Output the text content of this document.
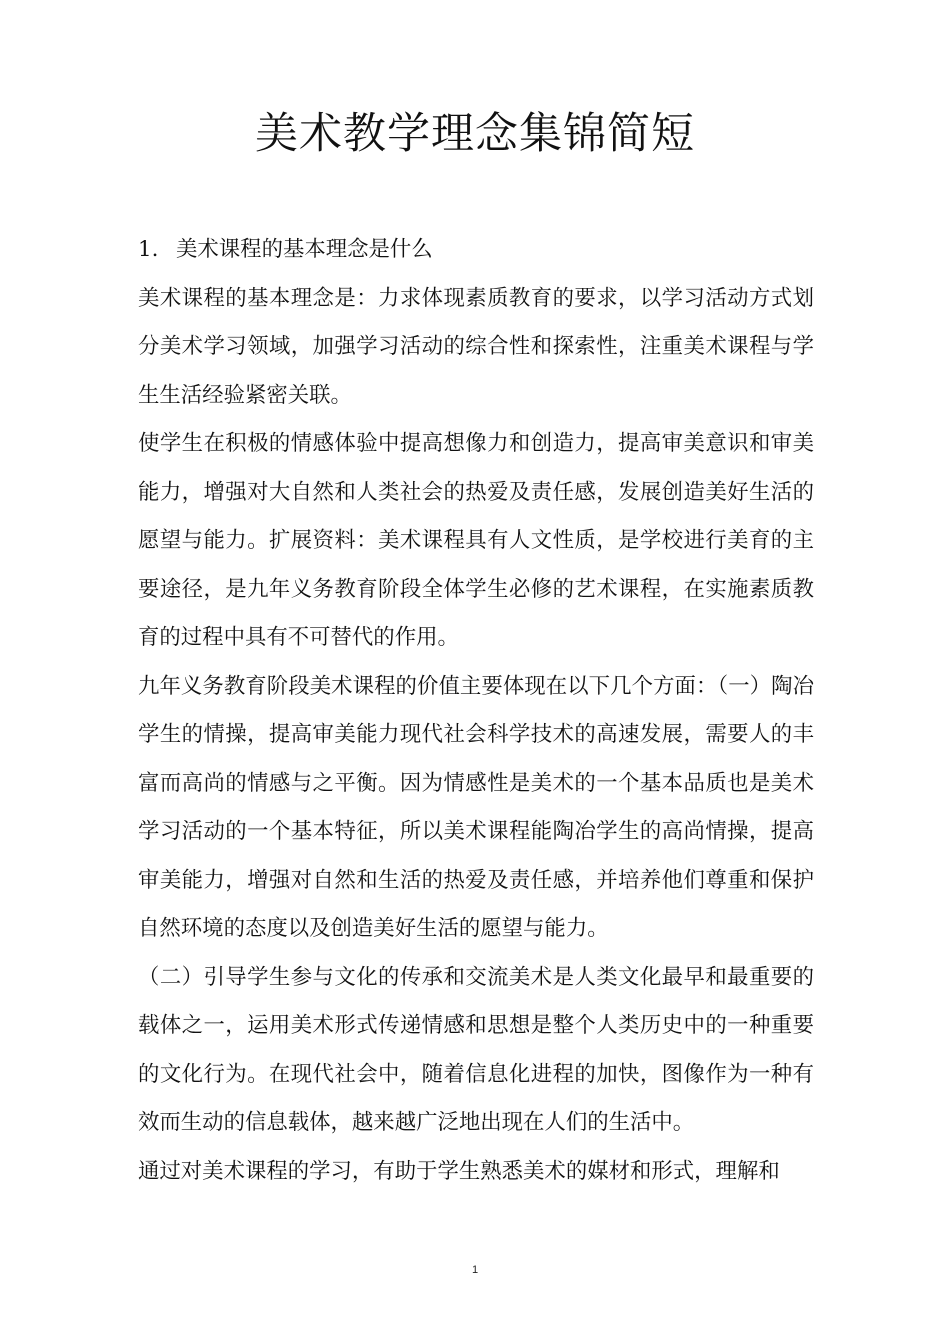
美术教学理念集锦简短

1. 美术课程的基本理念是什么

美术课程的基本理念是：力求体现素质教育的要求，以学习活动方式划分美术学习领域，加强学习活动的综合性和探索性，注重美术课程与学生生活经验紧密关联。

使学生在积极的情感体验中提高想像力和创造力，提高审美意识和审美能力，增强对大自然和人类社会的热爱及责任感，发展创造美好生活的愿望与能力。扩展资料：美术课程具有人文性质，是学校进行美育的主要途径，是九年义务教育阶段全体学生必修的艺术课程，在实施素质教育的过程中具有不可替代的作用。

九年义务教育阶段美术课程的价值主要体现在以下几个方面：（一）陶冶学生的情操，提高审美能力现代社会科学技术的高速发展，需要人的丰富而高尚的情感与之平衡。因为情感性是美术的一个基本品质也是美术学习活动的一个基本特征，所以美术课程能陶冶学生的高尚情操，提高审美能力，增强对自然和生活的热爱及责任感，并培养他们尊重和保护自然环境的态度以及创造美好生活的愿望与能力。

（二）引导学生参与文化的传承和交流美术是人类文化最早和最重要的载体之一，运用美术形式传递情感和思想是整个人类历史中的一种重要的文化行为。在现代社会中，随着信息化进程的加快，图像作为一种有效而生动的信息载体，越来越广泛地出现在人们的生活中。

通过对美术课程的学习，有助于学生熟悉美术的媒材和形式，理解和

1
